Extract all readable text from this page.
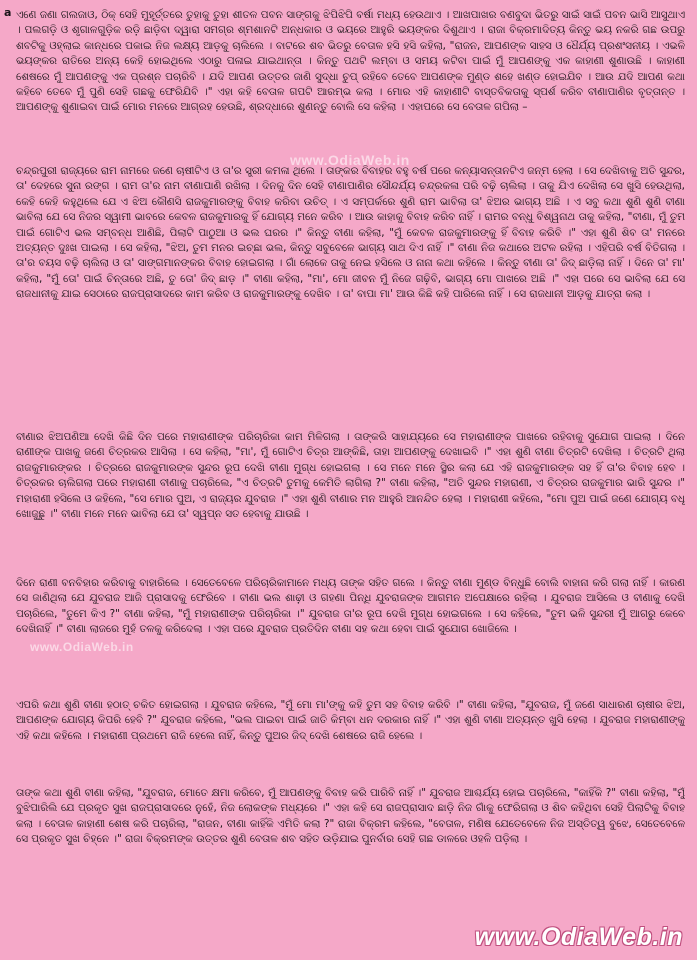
a ଏଣେ ଜଣା ଗଲଜାଓ, ଠିକ୍ ସେହି ମୁହୂର୍ତ୍ତରେ ତୁହାକୁ ତୁହା ଶୀତଳ ପବନ ସାଙ୍ଗକୁ ଝିପିଝିପି ବର୍ଷା ମଧ୍ୟ ହେଉଥାଏ । ଆଖପାଖର ବଣବୁଦା ଭିତରୁ ସାଇଁ ସାଇଁ ପବନ ଭାସି ଆସୁଥାଏ । ପଲଗଡ଼ି ଓ ଶୃଗାଳଗୁଡ଼ିକ ରଡ଼ି ଛାଡ଼ିବା ଦ୍ୱାରା ସମଗ୍ର ଶ୍ମଶାନଟି ଅନ୍ଧକାର ଓ ଭୟରେ ଆହୁରି ଭୟଙ୍କର ଦିଶୁଥାଏ । ରାଜା ବିକ୍ରମାଦିତ୍ୟ କିନ୍ତୁ ଭୟ ନକରି ଗଛ ଉପରୁ ଶବଟିକୁ ଓହ୍ଲାଇ କାନ୍ଧରେ ପକାଇ ନିଜ ଲକ୍ଷ୍ୟ ଆଡ଼କୁ ଚାଲିଲେ । ବାଟରେ ଶବ ଭିତରୁ ବେତାଳ ହସି ହସି କହିଲା, "ରାଜନ, ଆପଣଙ୍କ ସାହସ ଓ ଧୈର୍ଯ୍ୟ ପ୍ରଶଂସନୀୟ । ଏଭଳି ଭୟଙ୍କର ରାତିରେ ଅନ୍ୟ କେହି ହୋଇଥିଲେ ଏଠାରୁ ପଳାଇ ଯାଇଥାନ୍ତା । କିନ୍ତୁ ପଥଟି ଲମ୍ବା ଓ ସମୟ କଟିବା ପାଇଁ ମୁଁ ଆପଣଙ୍କୁ ଏକ କାହାଣୀ ଶୁଣାଉଛି । କାହାଣୀ ଶେଷରେ ମୁଁ ଆପଣଙ୍କୁ ଏକ ପ୍ରଶ୍ନ ପଚାରିବି । ଯଦି ଆପଣ ଉତ୍ତର ଜାଣି ସୁଦ୍ଧା ଚୁପ୍ ରହିବେ ତେବେ ଆପଣଙ୍କ ମୁଣ୍ଡ ଶହେ ଖଣ୍ଡ ହୋଇଯିବ । ଆଉ ଯଦି ଆପଣ କଥା କହିବେ ତେବେ ମୁଁ ପୁଣି ସେହି ଗଛକୁ ଫେରିଯିବି ।" ଏହା କହି ବେତାଳ ଗପଟି ଆରମ୍ଭ କଲା । ମୋର ଏହି କାହାଣୀଟି ବାସ୍ତବିକତାକୁ ସ୍ପର୍ଶ କରିବ ବୀଣାପାଣିର ବୃତ୍ତାନ୍ତ । ଆପଣଙ୍କୁ ଶୁଣାଇବା ପାଇଁ ମୋର ମନରେ ଆଗ୍ରହ ହେଉଛି, ଶ୍ରଦ୍ଧାରେ ଶୁଣନ୍ତୁ ବୋଲି ସେ କହିଲା । ଏହାପରେ ସେ ବେତାଳ ଗପିଲା –

ଚନ୍ଦ୍ରପୁରୀ ରାଜ୍ୟରେ ରାମ ନାମରେ ଜଣେ ଚାଷୀଟିଏ ଓ ତା'ର ସ୍ତ୍ରୀ କମଳା ଥିଲେ । ତାଙ୍କର ବିବାହର ବହୁ ବର୍ଷ ପରେ କନ୍ୟାସନ୍ତାନଟିଏ ଜନ୍ମ ହେଲା । ସେ ଦେଖିବାକୁ ଅତି ସୁନ୍ଦର, ତା' ଦେହରେ ସୁନା ରଙ୍ଗ । ରାମ ତା'ର ନାମ ବୀଣାପାଣି ରଖିଲା । ଦିନକୁ ଦିନ ସେହି ବୀଣାପାଣିର ସୌନ୍ଦର୍ଯ୍ୟ ଚନ୍ଦ୍ରକଳା ପରି ବଢ଼ି ଚାଲିଲା । ତାକୁ ଯିଏ ଦେଖିଲା ସେ ଖୁସି ହେଉଥିଲା, କେହି କେହି କହୁଥିଲେ ଯେ ଏ ଝିଅ କୌଣସି ରାଜକୁମାରଙ୍କୁ ବିବାହ କରିବା ଉଚିତ୍ । ଏ ସମ୍ପର୍କରେ ଶୁଣି ରାମ ଭାବିଲା ତା' ଝିଅର ଭାଗ୍ୟ ଅଛି । ଏ ସବୁ କଥା ଶୁଣି ଶୁଣି ବୀଣା ଭାବିଲା ଯେ ସେ ନିଜର ସ୍ୱାମୀ ଭାବରେ କେବଳ ରାଜକୁମାରକୁ ହିଁ ଯୋଗ୍ୟ ମନେ କରିବ । ଆଉ କାହାକୁ ବିବାହ କରିବ ନାହିଁ । ରାମର ବନ୍ଧୁ ବିଶ୍ୱନାଥ ତାକୁ କହିଲା, "ବୀଣା, ମୁଁ ତୁମ ପାଇଁ ଗୋଟିଏ ଭଲ ସମ୍ବନ୍ଧ ଆଣିଛି, ପିଲାଟି ପାଠୁଆ ଓ ଭଲ ଘରର ।" କିନ୍ତୁ ବୀଣା କହିଲା, "ମୁଁ କେବଳ ରାଜକୁମାରଙ୍କୁ ହିଁ ବିବାହ କରିବି ।" ଏହା ଶୁଣି ଶିବ ତା' ମନରେ ଅତ୍ୟନ୍ତ ଦୁଃଖ ପାଇଲା । ସେ କହିଲା, "ଝିଅ, ତୁମ ମନର ଇଚ୍ଛା ଭଲ, କିନ୍ତୁ ସବୁବେଳେ ଭାଗ୍ୟ ସାଥ ଦିଏ ନାହିଁ ।" ବୀଣା ନିଜ କଥାରେ ଅଟଳ ରହିଲା । ଏହିପରି ବର୍ଷ ବିତିଗଲା । ତା'ର ବୟସ ବଢ଼ି ଚାଲିଲା ଓ ତା' ସାଙ୍ଗମାନଙ୍କର ବିବାହ ହୋଇଗଲା । ଗାଁ ଲୋକେ ତାକୁ ନେଇ ହସିଲେ ଓ ନାନା କଥା କହିଲେ । କିନ୍ତୁ ବୀଣା ତା' ଜିଦ୍ ଛାଡ଼ିଲା ନାହିଁ । ଦିନେ ତା' ମା' କହିଲା, "ମୁଁ ତୋ' ପାଇଁ ଚିନ୍ତାରେ ଅଛି, ତୁ ତୋ' ଜିଦ୍ ଛାଡ଼ ।" ବୀଣା କହିଲା, "ମା', ମୋ ଜୀବନ ମୁଁ ନିଜେ ଗଢ଼ିବି, ଭାଗ୍ୟ ମୋ ପାଖରେ ଅଛି ।" ଏହା ପରେ ସେ ଭାବିଲା ଯେ ସେ ରାଜଧାନୀକୁ ଯାଇ ସେଠାରେ ରାଜପ୍ରାସାଦରେ କାମ କରିବ ଓ ରାଜକୁମାରଙ୍କୁ ଦେଖିବ । ତା' ବାପା ମା' ଆଉ କିଛି କହି ପାରିଲେ ନାହିଁ । ସେ ରାଜଧାନୀ ଆଡ଼କୁ ଯାତ୍ରା କଲା ।

ବୀଣାର ଝିଅପଣିଆ ଦେଖି କିଛି ଦିନ ପରେ ମହାରାଣୀଙ୍କ ପରିଚାରିକା କାମ ମିଳିଗଲା । ତାଙ୍କରି ସାହାଯ୍ୟରେ ସେ ମହାରାଣୀଙ୍କ ପାଖରେ ରହିବାକୁ ସୁଯୋଗ ପାଇଲା । ଦିନେ ରାଣୀଙ୍କ ପାଖକୁ ଜଣେ ଚିତ୍ରକର ଆସିଲା । ସେ କହିଲା, "ମା', ମୁଁ ଗୋଟିଏ ଚିତ୍ର ଆଙ୍କିଛି, ତାହା ଆପଣଙ୍କୁ ଦେଖାଇବି ।" ଏହା ଶୁଣି ବୀଣା ଚିତ୍ରଟି ଦେଖିଲା । ଚିତ୍ରଟି ଥିଲା ରାଜକୁମାରଙ୍କର । ଚିତ୍ରରେ ରାଜକୁମାରଙ୍କ ସୁନ୍ଦର ରୂପ ଦେଖି ବୀଣା ମୁଗ୍ଧ ହୋଇଗଲା । ସେ ମନେ ମନେ ସ୍ଥିର କଲା ଯେ ଏହି ରାଜକୁମାରଙ୍କ ସହ ହିଁ ତା'ର ବିବାହ ହେବ । ଚିତ୍ରକର ଚାଲିଗଲା ପରେ ମହାରାଣୀ ବୀଣାକୁ ପଚାରିଲେ, "ଏ ଚିତ୍ରଟି ତୁମକୁ କେମିତି ଲାଗିଲା ?" ବୀଣା କହିଲା, "ଅତି ସୁନ୍ଦର ମହାରାଣୀ, ଏ ଚିତ୍ରର ରାଜକୁମାର ଭାରି ସୁନ୍ଦର ।" ମହାରାଣୀ ହସିଲେ ଓ କହିଲେ, "ସେ ମୋର ପୁଅ, ଏ ରାଜ୍ୟର ଯୁବରାଜ ।" ଏହା ଶୁଣି ବୀଣାର ମନ ଆହୁରି ଆନନ୍ଦିତ ହେଲା । ମହାରାଣୀ କହିଲେ, "ମୋ ପୁଅ ପାଇଁ ଜଣେ ଯୋଗ୍ୟ ବଧୂ ଖୋଜୁଛୁ ।" ବୀଣା ମନେ ମନେ ଭାବିଲା ଯେ ତା' ସ୍ୱପ୍ନ ସତ ହେବାକୁ ଯାଉଛି ।

ଦିନେ ରାଣୀ ବନବିହାର କରିବାକୁ ବାହାରିଲେ । ସେତେବେଳେ ପରିଚାରିକାମାନେ ମଧ୍ୟ ତାଙ୍କ ସହିତ ଗଲେ । କିନ୍ତୁ ବୀଣା ମୁଣ୍ଡ ବିନ୍ଧୁଛି ବୋଲି ବାହାନା କରି ଗଲା ନାହିଁ । କାରଣ ସେ ଜାଣିଥିଲା ଯେ ଯୁବରାଜ ଆଜି ପ୍ରାସାଦକୁ ଫେରିବେ । ବୀଣା ଭଲ ଶାଢ଼ୀ ଓ ଗହଣା ପିନ୍ଧି ଯୁବରାଜଙ୍କ ଆଗମନ ଅପେକ୍ଷାରେ ରହିଲା । ଯୁବରାଜ ଆସିଲେ ଓ ବୀଣାକୁ ଦେଖି ପଚାରିଲେ, "ତୁମେ କିଏ ?" ବୀଣା କହିଲା, "ମୁଁ ମହାରାଣୀଙ୍କ ପରିଚାରିକା ।" ଯୁବରାଜ ତା'ର ରୂପ ଦେଖି ମୁଗ୍ଧ ହୋଇଗଲେ । ସେ କହିଲେ, "ତୁମ ଭଳି ସୁନ୍ଦରୀ ମୁଁ ଆଗରୁ କେବେ ଦେଖିନାହିଁ ।" ବୀଣା ଲାଜରେ ମୁହଁ ତଳକୁ କରିଦେଲା । ଏହା ପରେ ଯୁବରାଜ ପ୍ରତିଦିନ ବୀଣା ସହ କଥା ହେବା ପାଇଁ ସୁଯୋଗ ଖୋଜିଲେ ।

ଏପରି କଥା ଶୁଣି ବୀଣା ହଠାତ୍ ଚକିତ ହୋଇଗଲା । ଯୁବରାଜ କହିଲେ, "ମୁଁ ମୋ ମା'ଙ୍କୁ କହି ତୁମ ସହ ବିବାହ କରିବି ।" ବୀଣା କହିଲା, "ଯୁବରାଜ, ମୁଁ ଜଣେ ସାଧାରଣ ଚାଷୀର ଝିଅ, ଆପଣଙ୍କ ଯୋଗ୍ୟ କିପରି ହେବି ?" ଯୁବରାଜ କହିଲେ, "ଭଲ ପାଇବା ପାଇଁ ଜାତି କିମ୍ବା ଧନ ଦରକାର ନାହିଁ ।" ଏହା ଶୁଣି ବୀଣା ଅତ୍ୟନ୍ତ ଖୁସି ହେଲା । ଯୁବରାଜ ମହାରାଣୀଙ୍କୁ ଏହି କଥା କହିଲେ । ମହାରାଣୀ ପ୍ରଥମେ ରାଜି ହେଲେ ନାହିଁ, କିନ୍ତୁ ପୁଅର ଜିଦ୍ ଦେଖି ଶେଷରେ ରାଜି ହେଲେ ।

ତାଙ୍କ କଥା ଶୁଣି ବୀଣା କହିଲା, "ଯୁବରାଜ, ମୋତେ କ୍ଷମା କରିବେ, ମୁଁ ଆପଣଙ୍କୁ ବିବାହ କରି ପାରିବି ନାହିଁ ।" ଯୁବରାଜ ଆଶ୍ଚର୍ଯ୍ୟ ହୋଇ ପଚାରିଲେ, "କାହିଁକି ?" ବୀଣା କହିଲା, "ମୁଁ ବୁଝିପାରିଲି ଯେ ପ୍ରକୃତ ସୁଖ ରାଜପ୍ରାସାଦରେ ନୁହେଁ, ନିଜ ଲୋକଙ୍କ ମଧ୍ୟରେ ।" ଏହା କହି ସେ ରାଜପ୍ରାସାଦ ଛାଡ଼ି ନିଜ ଗାଁକୁ ଫେରିଗଲା ଓ ଶିବ କହିଥିବା ସେହି ପିଲାଟିକୁ ବିବାହ କଲା । ବେତାଳ କାହାଣୀ ଶେଷ କରି ପଚାରିଲା, "ରାଜନ, ବୀଣା କାହିଁକି ଏମିତି କଲା ?" ରାଜା ବିକ୍ରମ କହିଲେ, "ବେତାଳ, ମଣିଷ ଯେତେବେଳେ ନିଜ ଅସ୍ତିତ୍ୱ ବୁଝେ, ସେତେବେଳେ ସେ ପ୍ରକୃତ ସୁଖ ଚିହ୍ନେ ।" ରାଜା ବିକ୍ରମଙ୍କ ଉତ୍ତର ଶୁଣି ବେତାଳ ଶବ ସହିତ ଉଡ଼ିଯାଇ ପୁନର୍ବାର ସେହି ଗଛ ଡାଳରେ ଓହଳି ପଡ଼ିଲା ।

www.OdiaWeb.in
www.OdiaWeb.in
www.OdiaWeb.in
